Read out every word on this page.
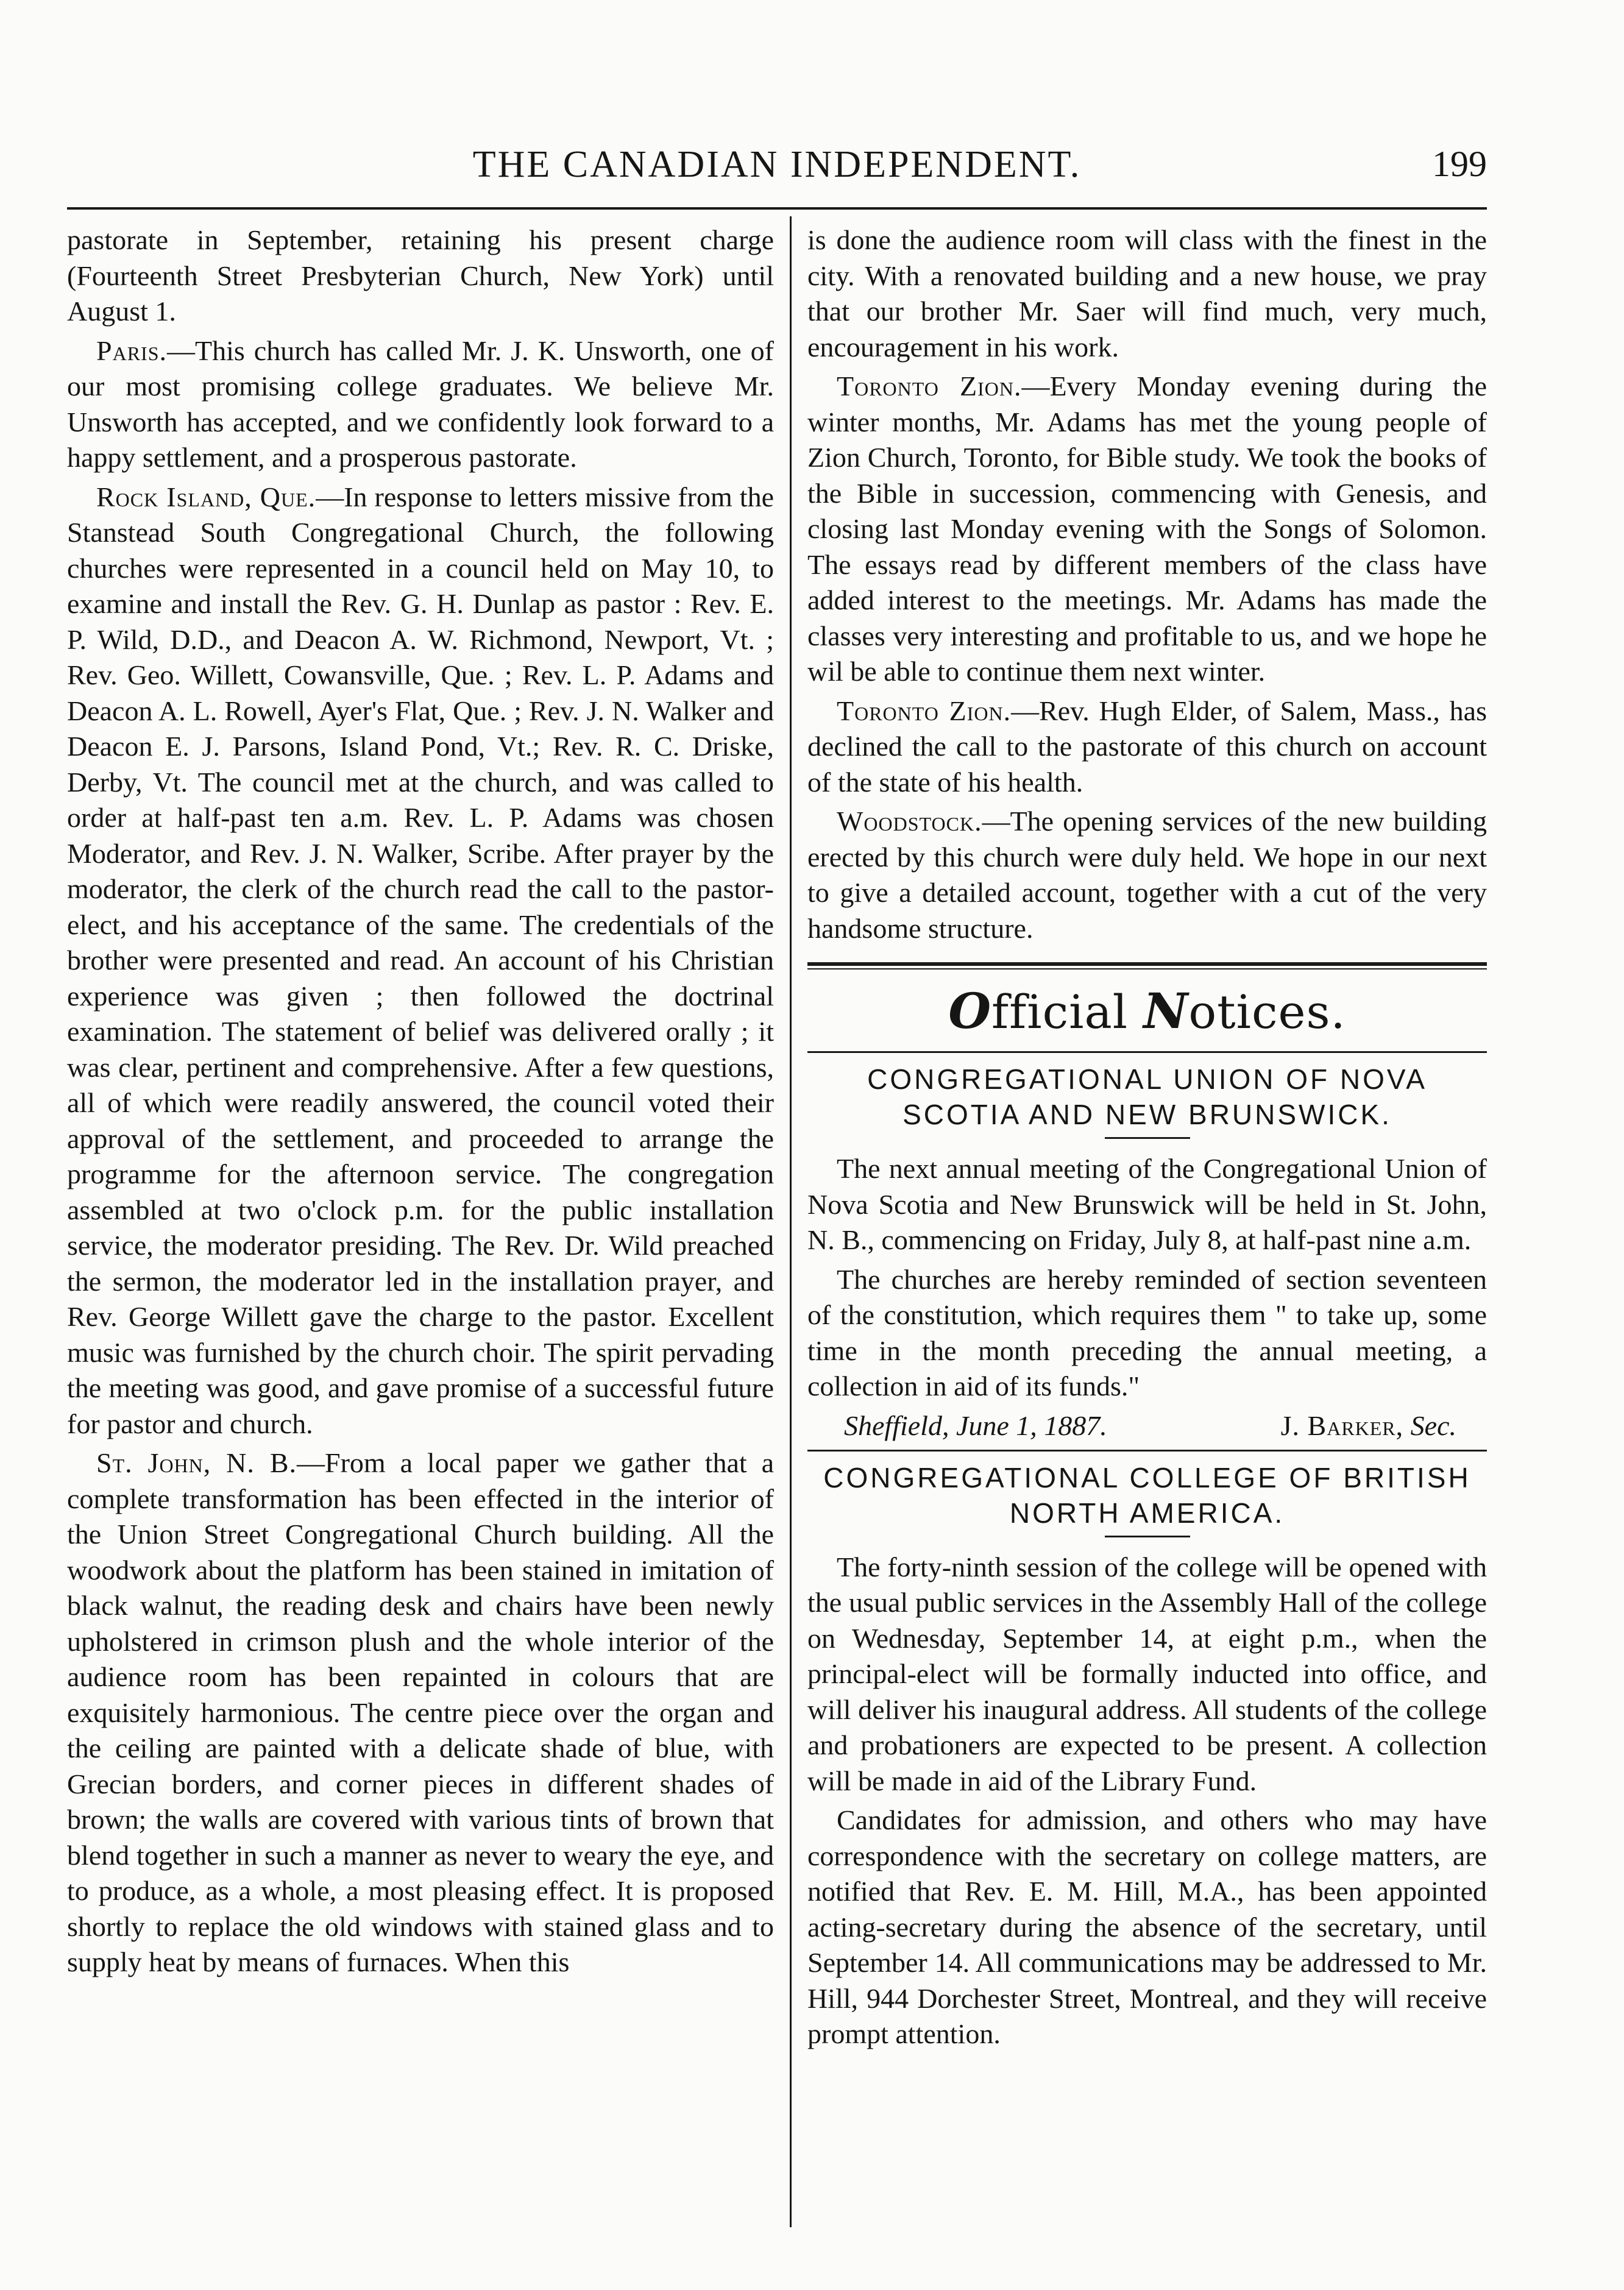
THE CANADIAN INDEPENDENT.	199

pastorate in September, retaining his present charge (Fourteenth Street Presbyterian Church, New York) until August 1.

Paris.—This church has called Mr. J. K. Unsworth, one of our most promising college graduates. We believe Mr. Unsworth has accepted, and we confidently look forward to a happy settlement, and a prosperous pastorate.

Rock Island, Que.—In response to letters missive from the Stanstead South Congregational Church, the following churches were represented in a council held on May 10, to examine and install the Rev. G. H. Dunlap as pastor : Rev. E. P. Wild, D.D., and Deacon A. W. Richmond, Newport, Vt. ; Rev. Geo. Willett, Cowansville, Que. ; Rev. L. P. Adams and Deacon A. L. Rowell, Ayer's Flat, Que. ; Rev. J. N. Walker and Deacon E. J. Parsons, Island Pond, Vt.; Rev. R. C. Driske, Derby, Vt. The council met at the church, and was called to order at half-past ten a.m. Rev. L. P. Adams was chosen Moderator, and Rev. J. N. Walker, Scribe. After prayer by the moderator, the clerk of the church read the call to the pastor-elect, and his acceptance of the same. The credentials of the brother were presented and read. An account of his Christian experience was given ; then followed the doctrinal examination. The statement of belief was delivered orally ; it was clear, pertinent and comprehensive. After a few questions, all of which were readily answered, the council voted their approval of the settlement, and proceeded to arrange the programme for the afternoon service. The congregation assembled at two o'clock p.m. for the public installation service, the moderator presiding. The Rev. Dr. Wild preached the sermon, the moderator led in the installation prayer, and Rev. George Willett gave the charge to the pastor. Excellent music was furnished by the church choir. The spirit pervading the meeting was good, and gave promise of a successful future for pastor and church.

St. John, N. B.—From a local paper we gather that a complete transformation has been effected in the interior of the Union Street Congregational Church building. All the woodwork about the platform has been stained in imitation of black walnut, the reading desk and chairs have been newly upholstered in crimson plush and the whole interior of the audience room has been repainted in colours that are exquisitely harmonious. The centre piece over the organ and the ceiling are painted with a delicate shade of blue, with Grecian borders, and corner pieces in different shades of brown; the walls are covered with various tints of brown that blend together in such a manner as never to weary the eye, and to produce, as a whole, a most pleasing effect. It is proposed shortly to replace the old windows with stained glass and to supply heat by means of furnaces. When this

is done the audience room will class with the finest in the city. With a renovated building and a new house, we pray that our brother Mr. Saer will find much, very much, encouragement in his work.

Toronto Zion.—Every Monday evening during the winter months, Mr. Adams has met the young people of Zion Church, Toronto, for Bible study. We took the books of the Bible in succession, commencing with Genesis, and closing last Monday evening with the Songs of Solomon. The essays read by different members of the class have added interest to the meetings. Mr. Adams has made the classes very interesting and profitable to us, and we hope he wil be able to continue them next winter.

Toronto Zion.—Rev. Hugh Elder, of Salem, Mass., has declined the call to the pastorate of this church on account of the state of his health.

Woodstock.—The opening services of the new building erected by this church were duly held. We hope in our next to give a detailed account, together with a cut of the very handsome structure.

Official Notices.
CONGREGATIONAL UNION OF NOVA
SCOTIA AND NEW BRUNSWICK.

The next annual meeting of the Congregational Union of Nova Scotia and New Brunswick will be held in St. John, N. B., commencing on Friday, July 8, at half-past nine a.m.

The churches are hereby reminded of section seventeen of the constitution, which requires them " to take up, some time in the month preceding the annual meeting, a collection in aid of its funds."

Sheffield, June 1, 1887.	J. Barker, Sec.
CONGREGATIONAL COLLEGE OF BRITISH
NORTH AMERICA.

The forty-ninth session of the college will be opened with the usual public services in the Assembly Hall of the college on Wednesday, September 14, at eight p.m., when the principal-elect will be formally inducted into office, and will deliver his inaugural address. All students of the college and probationers are expected to be present. A collection will be made in aid of the Library Fund.

Candidates for admission, and others who may have correspondence with the secretary on college matters, are notified that Rev. E. M. Hill, M.A., has been appointed acting-secretary during the absence of the secretary, until September 14. All communications may be addressed to Mr. Hill, 944 Dorchester Street, Montreal, and they will receive prompt attention.
